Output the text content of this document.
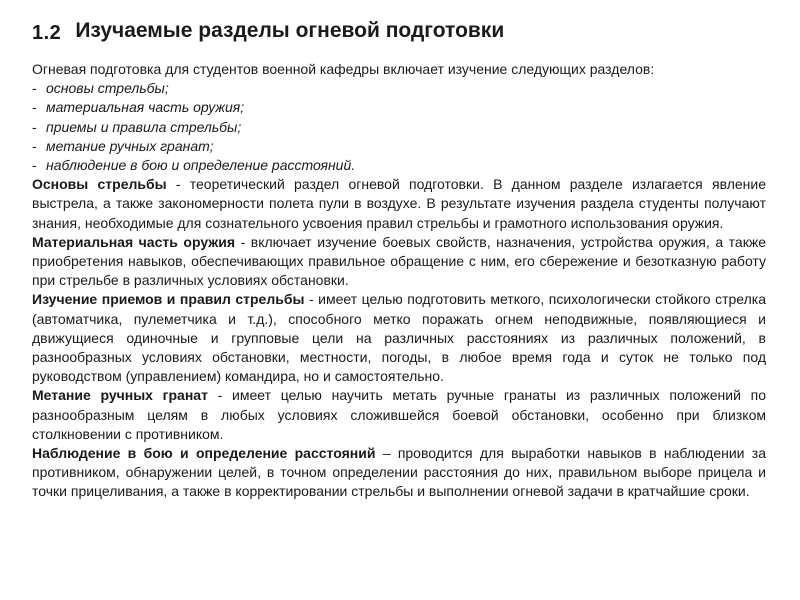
1.2 Изучаемые разделы огневой подготовки

Огневая подготовка для студентов военной кафедры включает изучение следующих разделов:

- основы стрельбы;
- материальная часть оружия;
- приемы и правила стрельбы;
- метание ручных гранат;
- наблюдение в бою и определение расстояний.

Основы стрельбы - теоретический раздел огневой подготовки. В данном разделе излагается явление выстрела, а также закономерности полета пули в воздухе. В результате изучения раздела студенты получают знания, необходимые для сознательного усвоения правил стрельбы и грамотного использования оружия.

Материальная часть оружия - включает изучение боевых свойств, назначения, устройства оружия, а также приобретения навыков, обеспечивающих правильное обращение с ним, его сбережение и безотказную работу при стрельбе в различных условиях обстановки.

Изучение приемов и правил стрельбы - имеет целью подготовить меткого, психологически стойкого стрелка (автоматчика, пулеметчика и т.д.), способного метко поражать огнем неподвижные, появляющиеся и движущиеся одиночные и групповые цели на различных расстояниях из различных положений, в разнообразных условиях обстановки, местности, погоды, в любое время года и суток не только под руководством (управлением) командира, но и самостоятельно.

Метание ручных гранат - имеет целью научить метать ручные гранаты из различных положений по разнообразным целям в любых условиях сложившейся боевой обстановки, особенно при близком столкновении с противником.

Наблюдение в бою и определение расстояний – проводится для выработки навыков в наблюдении за противником, обнаружении целей, в точном определении расстояния до них, правильном выборе прицела и точки прицеливания, а также в корректировании стрельбы и выполнении огневой задачи в кратчайшие сроки.
